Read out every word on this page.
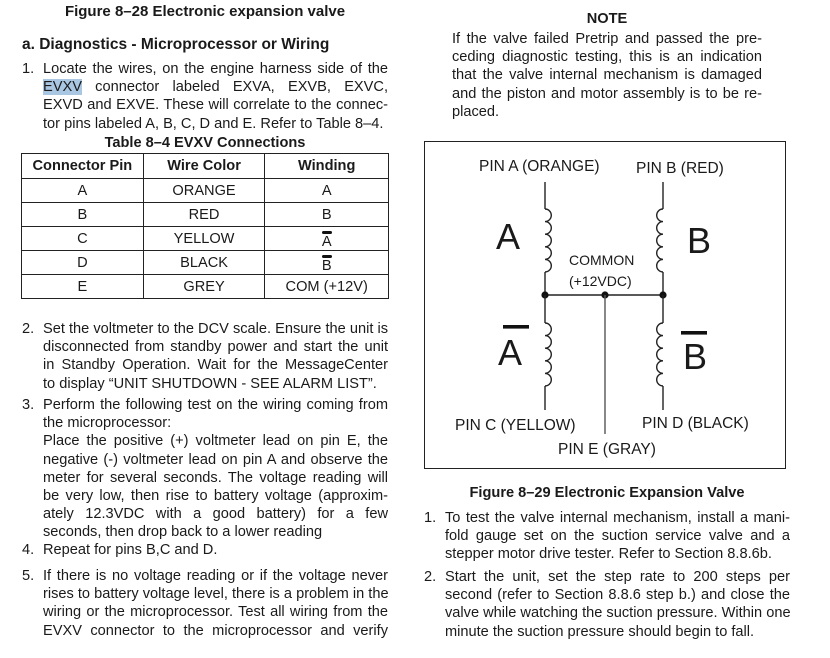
Figure 8–28 Electronic expansion valve
a. Diagnostics - Microprocessor or Wiring
1. Locate the wires, on the engine harness side of the
EVXV connector labeled EXVA, EXVB, EXVC,
EXVD and EXVE. These will correlate to the connec-
tor pins labeled A, B, C, D and E. Refer to Table 8–4.
Table 8–4 EVXV Connections
Connector Pin	Wire Color	Winding
A	ORANGE	A
B	RED	B
C	YELLOW	A
D	BLACK	B
E	GREY	COM (+12V)
2. Set the voltmeter to the DCV scale. Ensure the unit is
disconnected from standby power and start the unit
in Standby Operation. Wait for the MessageCenter
to display “UNIT SHUTDOWN - SEE ALARM LIST”.
3. Perform the following test on the wiring coming from
the microprocessor:
Place the positive (+) voltmeter lead on pin E, the
negative (-) voltmeter lead on pin A and observe the
meter for several seconds. The voltage reading will
be very low, then rise to battery voltage (approxim-
ately 12.3VDC with a good battery) for a few
seconds, then drop back to a lower reading
4. Repeat for pins B,C and D.
5. If there is no voltage reading or if the voltage never
rises to battery voltage level, there is a problem in the
wiring or the microprocessor. Test all wiring from the
EVXV connector to the microprocessor and verify
NOTE
If the valve failed Pretrip and passed the pre-
ceding diagnostic testing, this is an indication
that the valve internal mechanism is damaged
and the piston and motor assembly is to be re-
placed.
PIN A (ORANGE) PIN B (RED)
A	B
A	B
COMMON
(+12VDC)
PIN C (YELLOW)	PIN D (BLACK)
PIN E (GRAY)
Figure 8–29 Electronic Expansion Valve
1. To test the valve internal mechanism, install a mani-
fold gauge set on the suction service valve and a
stepper motor drive tester. Refer to Section 8.8.6b.
2. Start the unit, set the step rate to 200 steps per
second (refer to Section 8.8.6 step b.) and close the
valve while watching the suction pressure. Within one
minute the suction pressure should begin to fall.
